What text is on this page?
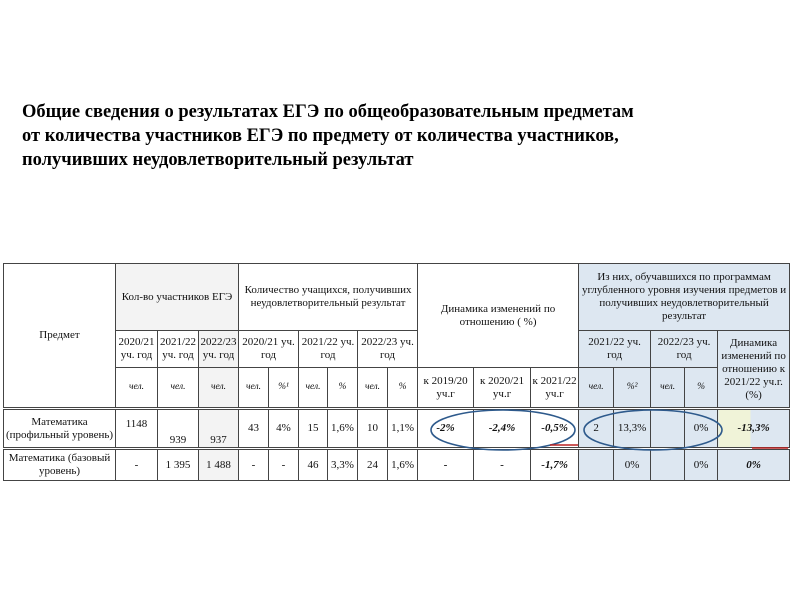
Общие сведения о результатах ЕГЭ по общеобразовательным предметам
от количества участников ЕГЭ по предмету от количества участников,
получивших неудовлетворительный результат
Предмет	Кол-во участников ЕГЭ			Количество учащихся, получивших неудовлетворительный результат						Динамика изменений по отношению ( %)			Из них, обучавшихся по программам углубленного уровня изучения предметов и получивших неудовлетворительный результат				
	2020/21 уч. год	2021/22 уч. год	2022/23 уч. год	2020/21 уч. год		2021/22 уч. год		2022/23 уч. год					2021/22 уч. год		2022/23 уч. год		Динамика изменений по отношению к 2021/22 уч.г. (%)
	чел.	чел.	чел.	чел.	%¹	чел.	%	чел.	%	к 2019/20 уч.г	к 2020/21 уч.г	к 2021/22 уч.г	чел.	%²	чел.	%	
Математика (профильный уровень)	1148	939	937	43	4%	15	1,6%	10	1,1%	-2%	-2,4%	-0,5%	2	13,3%		0%	-13,3%
Математика (базовый уровень)	-	1 395	1 488	-	-	46	3,3%	24	1,6%	-	-	-1,7%		0%		0%	0%
